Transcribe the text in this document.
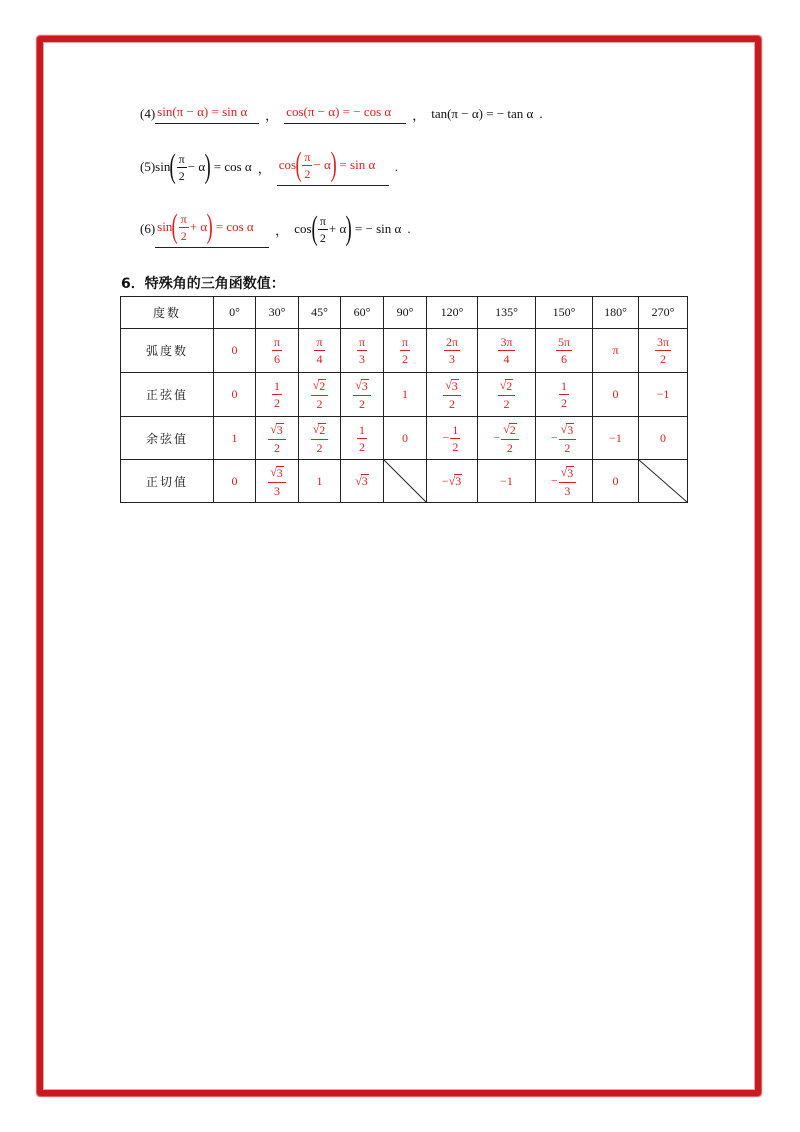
(4) sin (π − α)
=
sin α ， cos (π − α)
=
− cos α ， tan(π − α) = − tan α .
(5) sin ( $\frac{\pi}{2} - \alpha$ )
=
cos α ， cos ( $\frac{\pi}{2} - \alpha$ )
=
sin α .
(6) sin ( $\frac{\pi}{2} + \alpha$ )
=
cos α ， cos ( $\frac{\pi}{2} + \alpha$ )
=
− sin α .
6．特殊角的三角函数值：
度数	0°	30°	45°	60°	90°	120°	135°	150°	180°	270°
弧度数	0	$\frac{\pi}{6}$	$\frac{\pi}{4}$	$\frac{\pi}{3}$	$\frac{\pi}{2}$	$\frac{2\pi}{3}$	$\frac{3\pi}{4}$	$\frac{5\pi}{6}$	π	$\frac{3\pi}{2}$

正弦值	0	$\frac{1}{2}$	$\frac{√ 2}{2}$	$\frac{√ 3}{2}$	1	$\frac{√ 3}{2}$	$\frac{√ 2}{2}$	$\frac{1}{2}$	0	−1
余弦值	1	$\frac{√ 3}{2}$	$\frac{√ 2}{2}$	$\frac{1}{2}$	0	− $\frac{1}{2}$	− $\frac{√ 2}{2}$	− $\frac{√ 3}{2}$	−1	0
正切值	0	$\frac{√ 3}{3}$	1	√ 3		− √ 3	−1	− $\frac{√ 3}{3}$	0	
